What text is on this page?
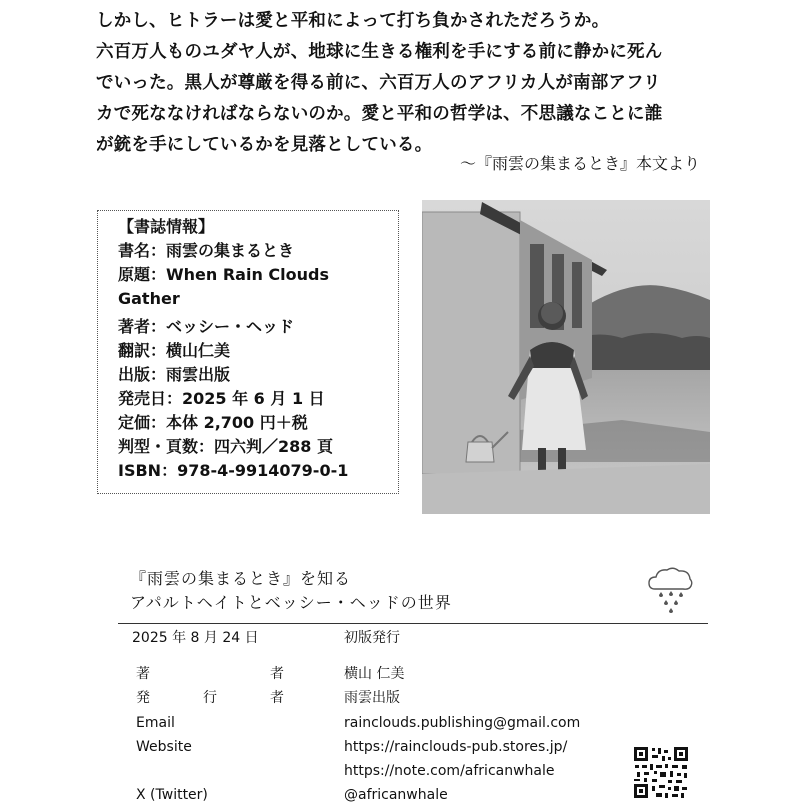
しかし、ヒトラーは愛と平和によって打ち負かされただろうか。

六百万人ものユダヤ人が、地球に生きる権利を手にする前に静かに死ん

でいった。黒人が尊厳を得る前に、六百万人のアフリカ人が南部アフリ

カで死ななければならないのか。愛と平和の哲学は、不思議なことに誰

が銃を手にしているかを見落としている。

〜『雨雲の集まるとき』本文より
【書誌情報】
書名：雨雲の集まるとき
原題：When Rain Clouds Gather
著者：ベッシー・ヘッド
翻訳：横山仁美
出版：雨雲出版
発売日：2025 年 6 月 1 日
定価：本体 2,700 円＋税
判型・頁数：四六判／288 頁
ISBN：978-4-9914079-0-1
『雨雲の集まるとき』を知る
アパルトヘイトとベッシー・ヘッドの世界
2025 年 8 月 24 日	初版発行
著	者	横山 仁美
発	行	者	雨雲出版
Email	rainclouds.publishing@gmail.com
Website	https://rainclouds-pub.stores.jp/
https://note.com/africanwhale
X (Twitter)	@africanwhale
